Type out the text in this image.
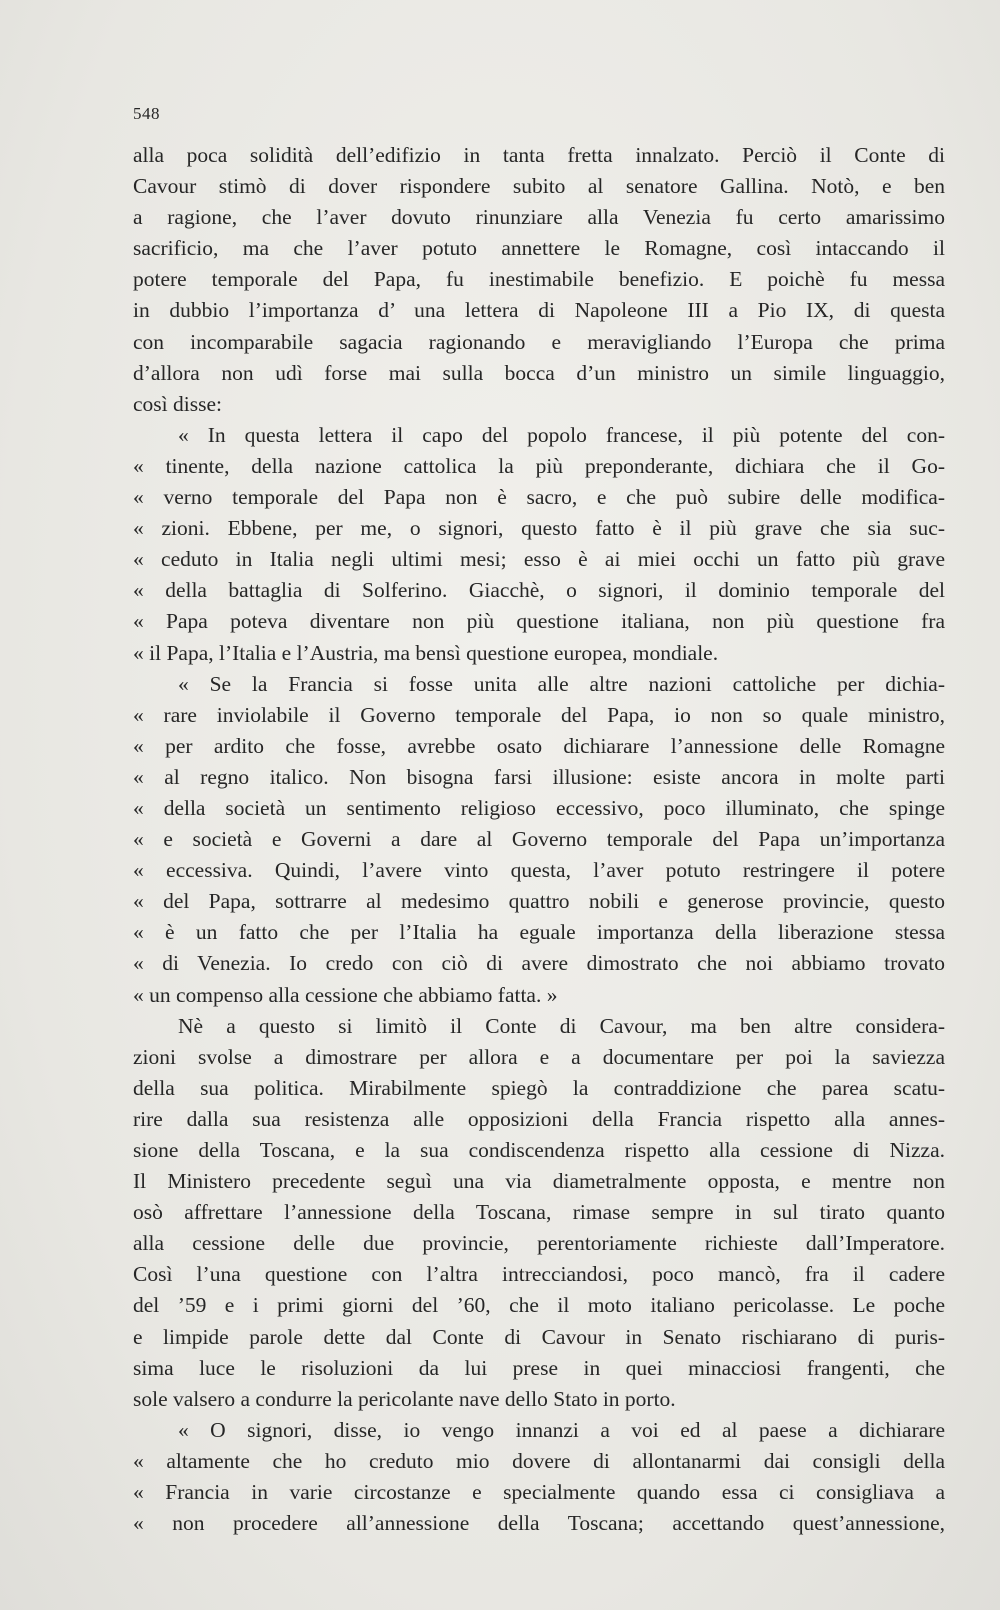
548
alla poca solidità dell’edifizio in tanta fretta innalzato. Perciò il Conte di
Cavour stimò di dover rispondere subito al senatore Gallina. Notò, e ben
a ragione, che l’aver dovuto rinunziare alla Venezia fu certo amarissimo
sacrificio, ma che l’aver potuto annettere le Romagne, così intaccando il
potere temporale del Papa, fu inestimabile benefizio. E poichè fu messa
in dubbio l’importanza d’ una lettera di Napoleone III a Pio IX, di questa
con incomparabile sagacia ragionando e meravigliando l’Europa che prima
d’allora non udì forse mai sulla bocca d’un ministro un simile linguaggio,
così disse:
« In questa lettera il capo del popolo francese, il più potente del con-
« tinente, della nazione cattolica la più preponderante, dichiara che il Go-
« verno temporale del Papa non è sacro, e che può subire delle modifica-
« zioni. Ebbene, per me, o signori, questo fatto è il più grave che sia suc-
« ceduto in Italia negli ultimi mesi; esso è ai miei occhi un fatto più grave
« della battaglia di Solferino. Giacchè, o signori, il dominio temporale del
« Papa poteva diventare non più questione italiana, non più questione fra
« il Papa, l’Italia e l’Austria, ma bensì questione europea, mondiale.
« Se la Francia si fosse unita alle altre nazioni cattoliche per dichia-
« rare inviolabile il Governo temporale del Papa, io non so quale ministro,
« per ardito che fosse, avrebbe osato dichiarare l’annessione delle Romagne
« al regno italico. Non bisogna farsi illusione: esiste ancora in molte parti
« della società un sentimento religioso eccessivo, poco illuminato, che spinge
« e società e Governi a dare al Governo temporale del Papa un’importanza
« eccessiva. Quindi, l’avere vinto questa, l’aver potuto restringere il potere
« del Papa, sottrarre al medesimo quattro nobili e generose provincie, questo
« è un fatto che per l’Italia ha eguale importanza della liberazione stessa
« di Venezia. Io credo con ciò di avere dimostrato che noi abbiamo trovato
« un compenso alla cessione che abbiamo fatta. »
Nè a questo si limitò il Conte di Cavour, ma ben altre considera-
zioni svolse a dimostrare per allora e a documentare per poi la saviezza
della sua politica. Mirabilmente spiegò la contraddizione che parea scatu-
rire dalla sua resistenza alle opposizioni della Francia rispetto alla annes-
sione della Toscana, e la sua condiscendenza rispetto alla cessione di Nizza.
Il Ministero precedente seguì una via diametralmente opposta, e mentre non
osò affrettare l’annessione della Toscana, rimase sempre in sul tirato quanto
alla cessione delle due provincie, perentoriamente richieste dall’Imperatore.
Così l’una questione con l’altra intrecciandosi, poco mancò, fra il cadere
del ’59 e i primi giorni del ’60, che il moto italiano pericolasse. Le poche
e limpide parole dette dal Conte di Cavour in Senato rischiarano di puris-
sima luce le risoluzioni da lui prese in quei minacciosi frangenti, che
sole valsero a condurre la pericolante nave dello Stato in porto.
« O signori, disse, io vengo innanzi a voi ed al paese a dichiarare
« altamente che ho creduto mio dovere di allontanarmi dai consigli della
« Francia in varie circostanze e specialmente quando essa ci consigliava a
« non procedere all’annessione della Toscana; accettando quest’annessione,
